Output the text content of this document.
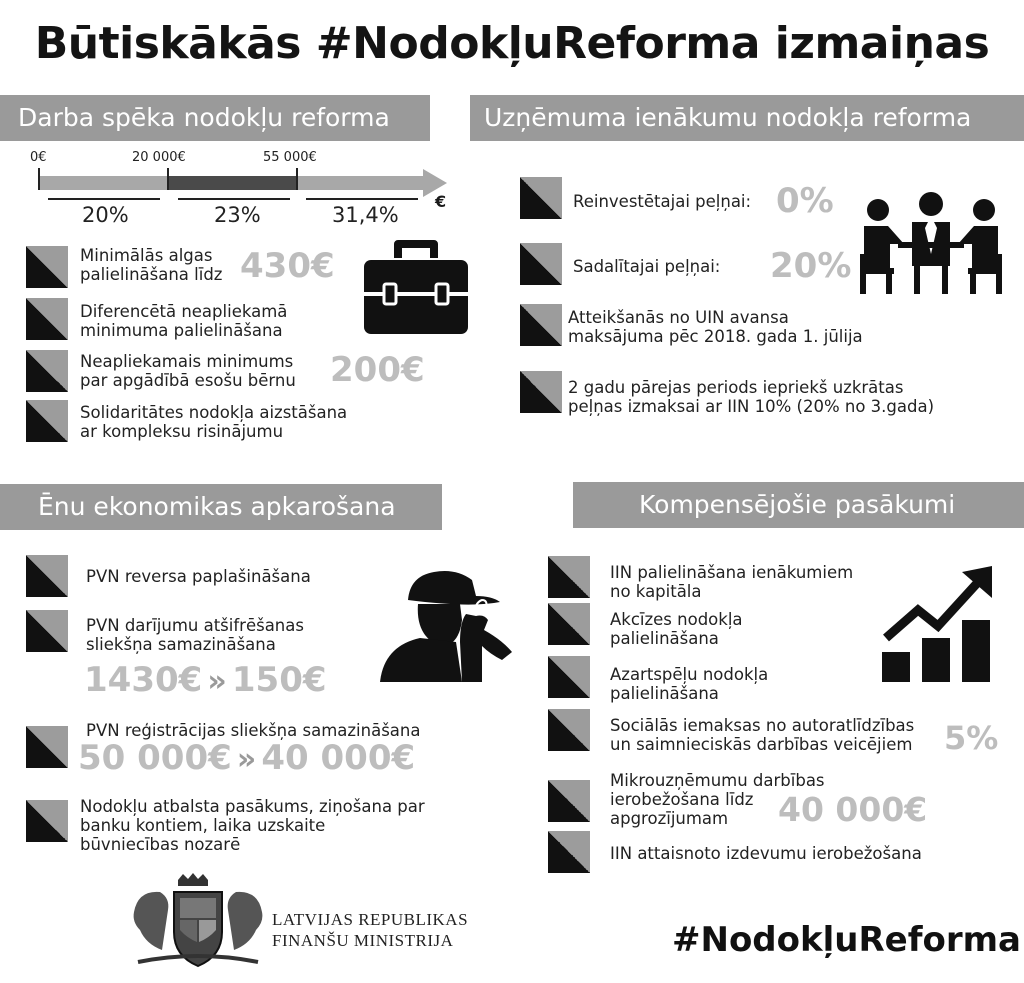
Būtiskākās #NodokļuReforma izmaiņas
Darba spēka nodokļu reforma
0€	20 000€	55 000€
20%	23%	31,4%
€
Minimālās algas
palielināšana līdz 430€
Diferencētā neapliekamā
minimuma palielināšana
Neapliekamais minimums
par apgādībā esošu bērnu 200€
Solidaritātes nodokļa aizstāšana
ar kompleksu risinājumu
Uzņēmuma ienākumu nodokļa reforma
Reinvestētajai peļņai: 0%
Sadalītajai peļņai: 20%
Atteikšanās no UIN avansa
maksājuma pēc 2018. gada 1. jūlija
2 gadu pārejas periods iepriekš uzkrātas
peļņas izmaksai ar IIN 10% (20% no 3.gada)
Ēnu ekonomikas apkarošana
PVN reversa paplašināšana
PVN darījumu atšifrēšanas
sliekšņa samazināšana
1430€ » 150€
PVN reģistrācijas sliekšņa samazināšana
50 000€ » 40 000€
Nodokļu atbalsta pasākums, ziņošana par
banku kontiem, laika uzskaite
būvniecības nozarē
Kompensējošie pasākumi
IIN palielināšana ienākumiem
no kapitāla
Akcīzes nodokļa
palielināšana
Azartspēļu nodokļa
palielināšana
Sociālās iemaksas no autoratlīdzības
un saimnieciskās darbības veicējiem 5%
Mikrouzņēmumu darbības
ierobežošana līdz
apgrozījumam	40 000€
IIN attaisnoto izdevumu ierobežošana
LATVIJAS REPUBLIKAS
FINANŠU MINISTRIJA	#NodokļuReforma
